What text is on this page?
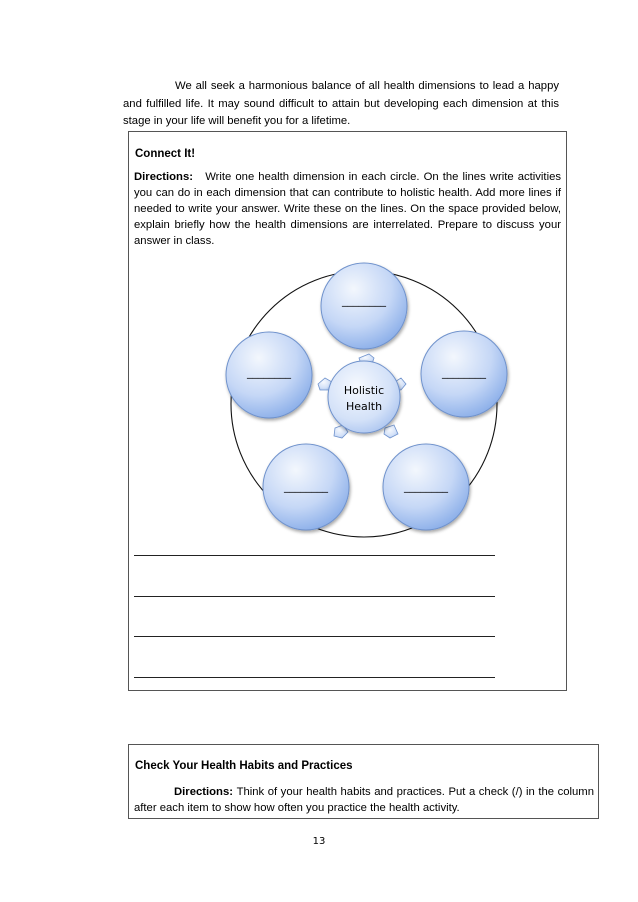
We all seek a harmonious balance of all health dimensions to lead a happy and fulfilled life. It may sound difficult to attain but developing each dimension at this stage in your life will benefit you for a lifetime.
Connect It!
Directions: Write one health dimension in each circle. On the lines write activities you can do in each dimension that can contribute to holistic health. Add more lines if needed to write your answer. Write these on the lines. On the space provided below, explain briefly how the health dimensions are interrelated. Prepare to discuss your answer in class.
Holistic
Health
________
________
________
________
________
Check Your Health Habits and Practices
Directions: Think of your health habits and practices. Put a check (/) in the column after each item to show how often you practice the health activity.
13
